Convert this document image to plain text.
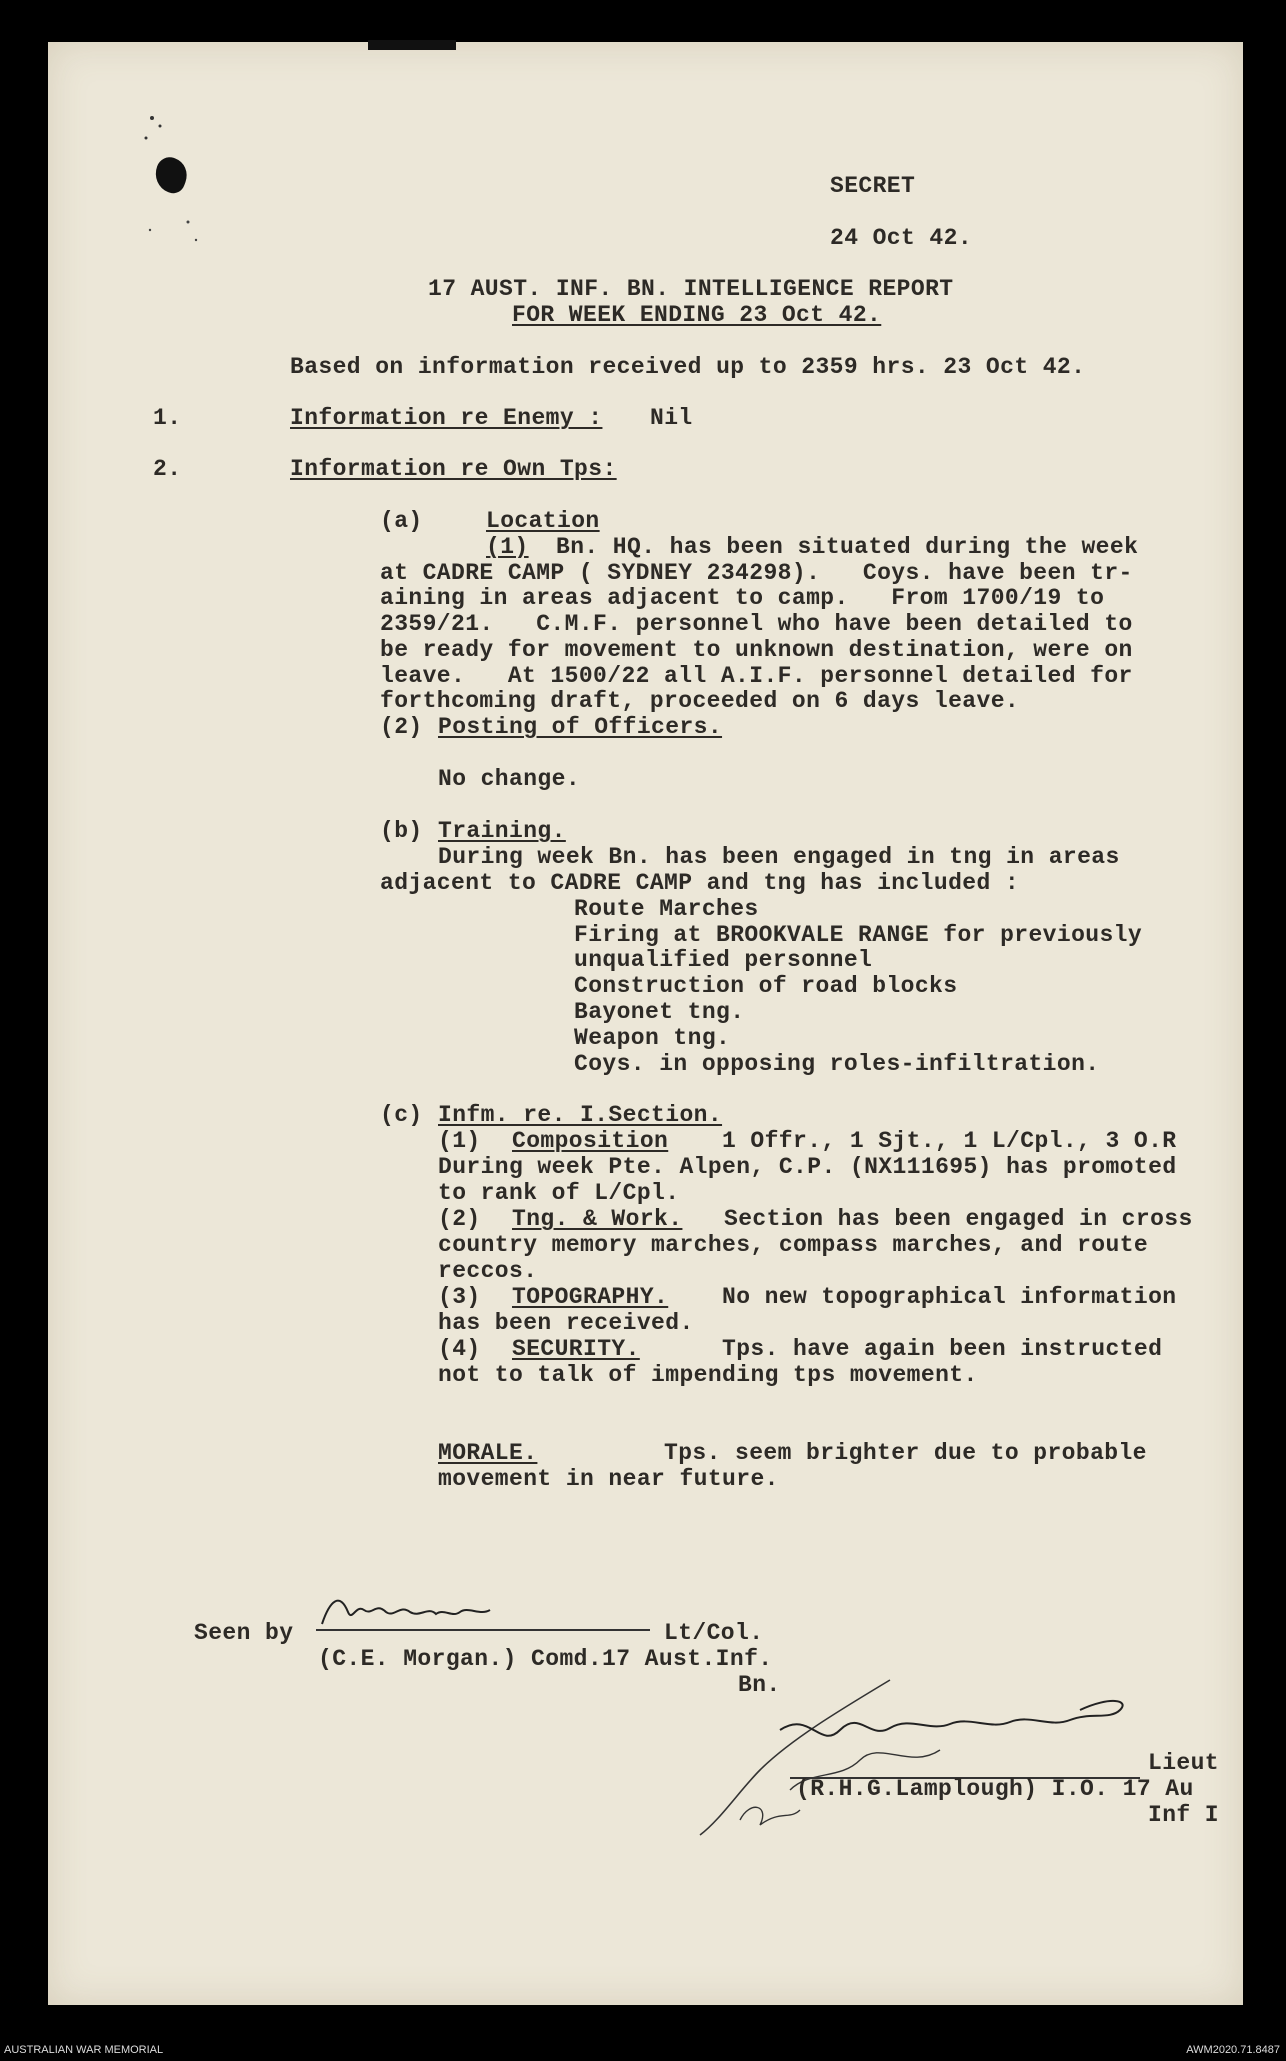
SECRET
24 Oct 42.
17 AUST. INF. BN. INTELLIGENCE REPORT
FOR WEEK ENDING 23 Oct 42.
Based on information received up to 2359 hrs. 23 Oct 42.
1.	Information re Enemy : Nil
2.	Information re Own Tps:
(a)	Location
(1) Bn. HQ. has been situated during the week
at CADRE CAMP ( SYDNEY 234298).   Coys. have been tr-
aining in areas adjacent to camp.   From 1700/19 to
2359/21.   C.M.F. personnel who have been detailed to
be ready for movement to unknown destination, were on
leave.   At 1500/22 all A.I.F. personnel detailed for
forthcoming draft, proceeded on 6 days leave.
(2) Posting of Officers.
No change.
(b) Training.
During week Bn. has been engaged in tng in areas
adjacent to CADRE CAMP and tng has included :
Route Marches
Firing at BROOKVALE RANGE for previously
unqualified personnel
Construction of road blocks
Bayonet tng.
Weapon tng.
Coys. in opposing roles-infiltration.
(c) Infm. re. I.Section.
(1) Composition 1 Offr., 1 Sjt., 1 L/Cpl., 3 O.R
During week Pte. Alpen, C.P. (NX111695) has promoted
to rank of L/Cpl.
(2) Tng. & Work. Section has been engaged in cross
country memory marches, compass marches, and route
reccos.
(3) TOPOGRAPHY. No new topographical information
has been received.
(4) SECURITY.	Tps. have again been instructed
not to talk of impending tps movement.
MORALE.	Tps. seem brighter due to probable
movement in near future.
Seen by	Lt/Col.
(C.E. Morgan.) Comd.17 Aust.Inf.
Bn.
Lieut
(R.H.G.Lamplough) I.O. 17 Au
Inf I
AUSTRALIAN WAR MEMORIAL	AWM2020.71.8487
